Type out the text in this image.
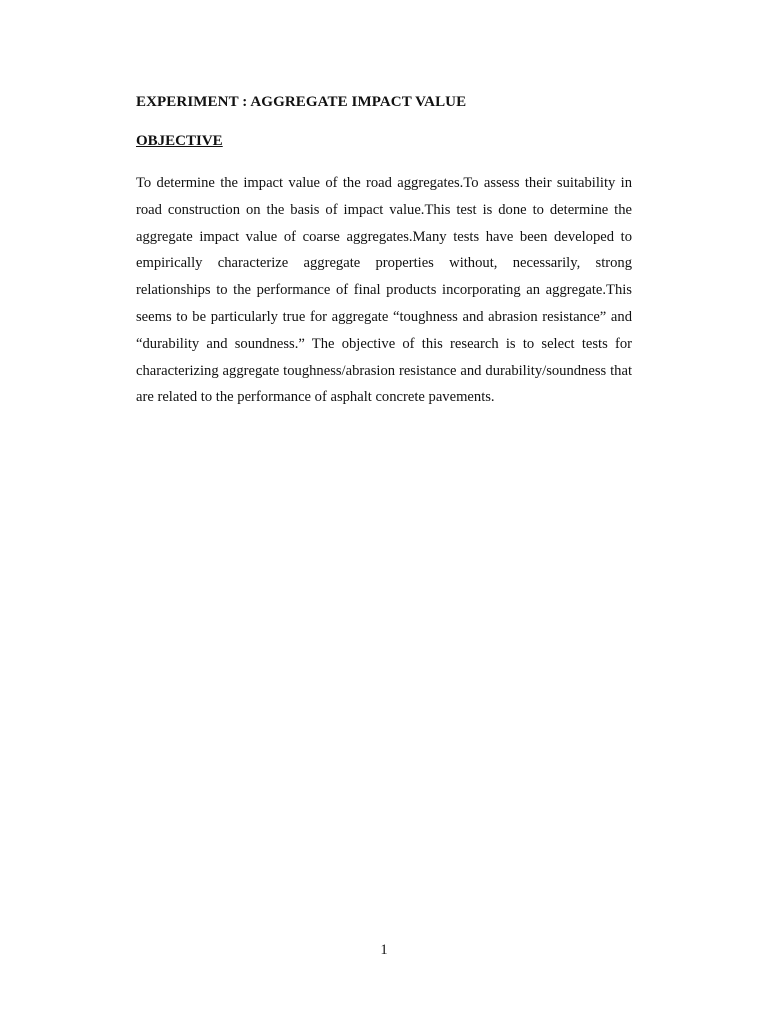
EXPERIMENT : AGGREGATE IMPACT VALUE
OBJECTIVE

To determine the impact value of the road aggregates.To assess their suitability in road construction on the basis of impact value.This test is done to determine the aggregate impact value of coarse aggregates.Many tests have been developed to empirically characterize aggregate properties without, necessarily, strong relationships to the performance of final products incorporating an aggregate.This seems to be particularly true for aggregate “toughness and abrasion resistance” and “durability and soundness.” The objective of this research is to select tests for characterizing aggregate toughness/abrasion resistance and durability/soundness that are related to the performance of asphalt concrete pavements.

1
